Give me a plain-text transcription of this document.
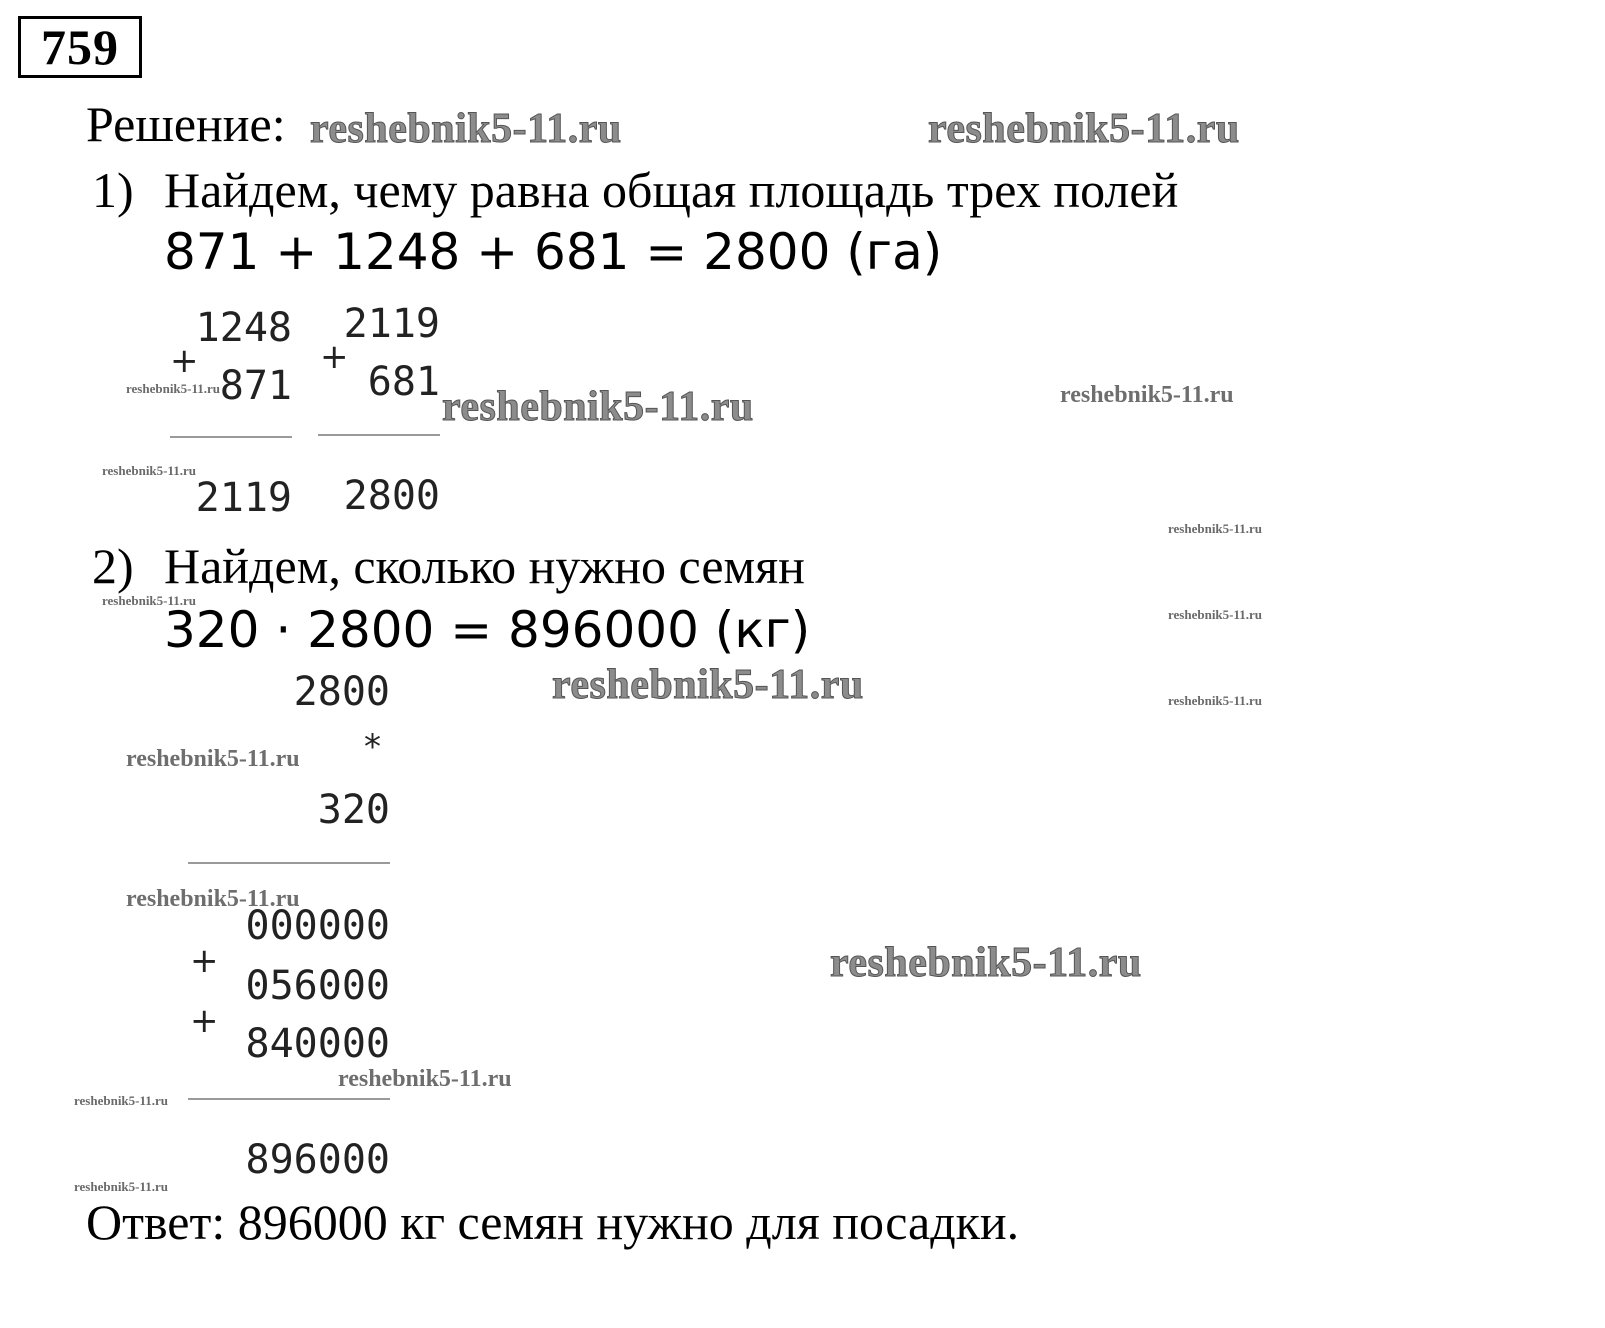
759
Решение:
1) Найдем, чему равна общая площадь трех полей
871 + 1248 + 681 = 2800 (га)
1248
+
871
2119
2119
+
681
2800
2) Найдем, сколько нужно семян
320 · 2800 = 896000 (кг)
2800
*
320
000000
+
056000
+ 840000
896000
Ответ: 896000 кг семян нужно для посадки.
reshebnik5-11.ru	reshebnik5-11.ru
reshebnik5-11.ru
reshebnik5-11.ru
reshebnik5-11.ru
reshebnik5-11.ru
reshebnik5-11.ru
reshebnik5-11.ru
reshebnik5-11.ru
reshebnik5-11.ru
reshebnik5-11.ru
reshebnik5-11.ru
reshebnik5-11.ru
reshebnik5-11.ru
reshebnik5-11.ru
reshebnik5-11.ru
reshebnik5-11.ru
